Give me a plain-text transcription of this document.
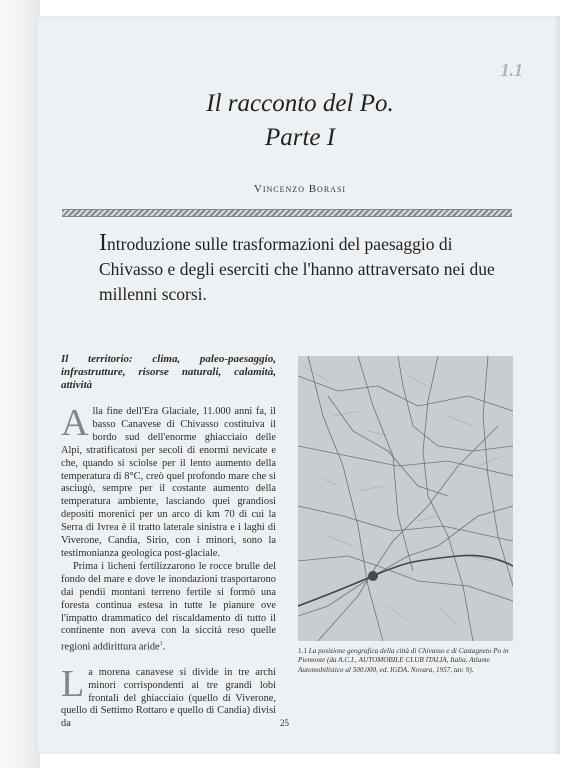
1.1
Il racconto del Po.
Parte I
Vincenzo Borasi
Introduzione sulle trasformazioni del paesaggio di Chivasso e degli eserciti che l'hanno attraversato nei due millenni scorsi.

Il territorio: clima, paleo-paesaggio, infrastrutture, risorse naturali, calamità, attività

Alla fine dell'Era Glaciale, 11.000 anni fa, il basso Canavese di Chivasso costituiva il bordo sud dell'enorme ghiacciaio delle Alpi, stratificatosi per secoli di enormi nevicate e che, quando si sciolse per il lento aumento della temperatura di 8°C, creò quel profondo mare che si asciugò, sempre per il costante aumento della temperatura ambiente, lasciando quei grandiosi depositi morenici per un arco di km 70 di cui la Serra di Ivrea è il tratto laterale sinistra e i laghi di Viverone, Candia, Sirio, con i minori, sono la testimonianza geologica post-glaciale.

Prima i licheni fertilizzarono le rocce brulle del fondo del mare e dove le inondazioni trasportarono dai pendii montani terreno fertile si formò una foresta continua estesa in tutte le pianure ove l'impatto drammatico del riscaldamento di tutto il continente non aveva con la siccità reso quelle regioni addirittura aride$^1$.

La morena canavese si divide in tre archi minori corrispondenti ai tre grandi lobi frontali del ghiacciaio (quello di Viverone, quello di Settimo Rottaro e quello di Candia) divisi da

1.1 La posizione geografica della città di Chivasso e di Castagneto Po in Piemonte (da A.C.I., AUTOMOBILE CLUB ITALIA, Italia, Atlante Automobilistico al 500.000, ed. IGDA, Novara, 1957, tav. 9).
25
